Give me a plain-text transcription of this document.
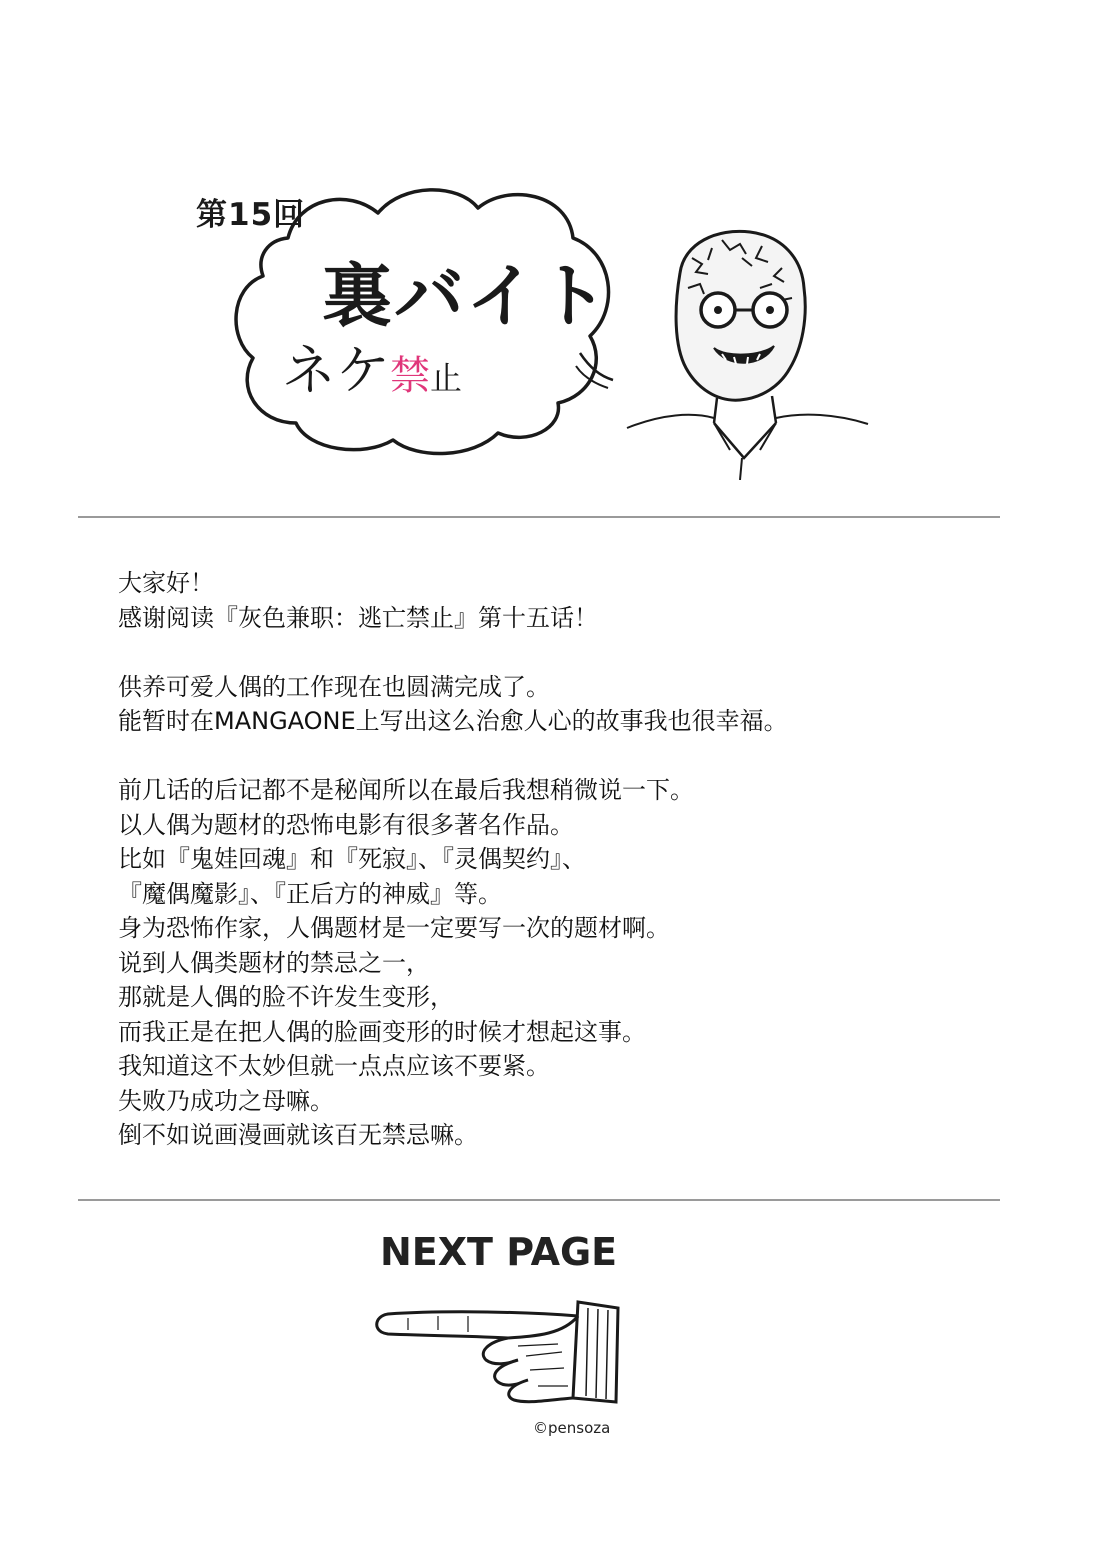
第15回
裏バイト
ネケ禁止
大家好！
感谢阅读『灰色兼职：逃亡禁止』第十五话！
供养可爱人偶的工作现在也圆满完成了。
能暂时在MANGAONE上写出这么治愈人心的故事我也很幸福。
前几话的后记都不是秘闻所以在最后我想稍微说一下。
以人偶为题材的恐怖电影有很多著名作品。
比如『鬼娃回魂』和『死寂』、『灵偶契约』、
『魔偶魔影』、『正后方的神威』等。
身为恐怖作家，人偶题材是一定要写一次的题材啊。
说到人偶类题材的禁忌之一，
那就是人偶的脸不许发生变形，
而我正是在把人偶的脸画变形的时候才想起这事。
我知道这不太妙但就一点点应该不要紧。
失败乃成功之母嘛。
倒不如说画漫画就该百无禁忌嘛。
NEXT PAGE
©pensoza
